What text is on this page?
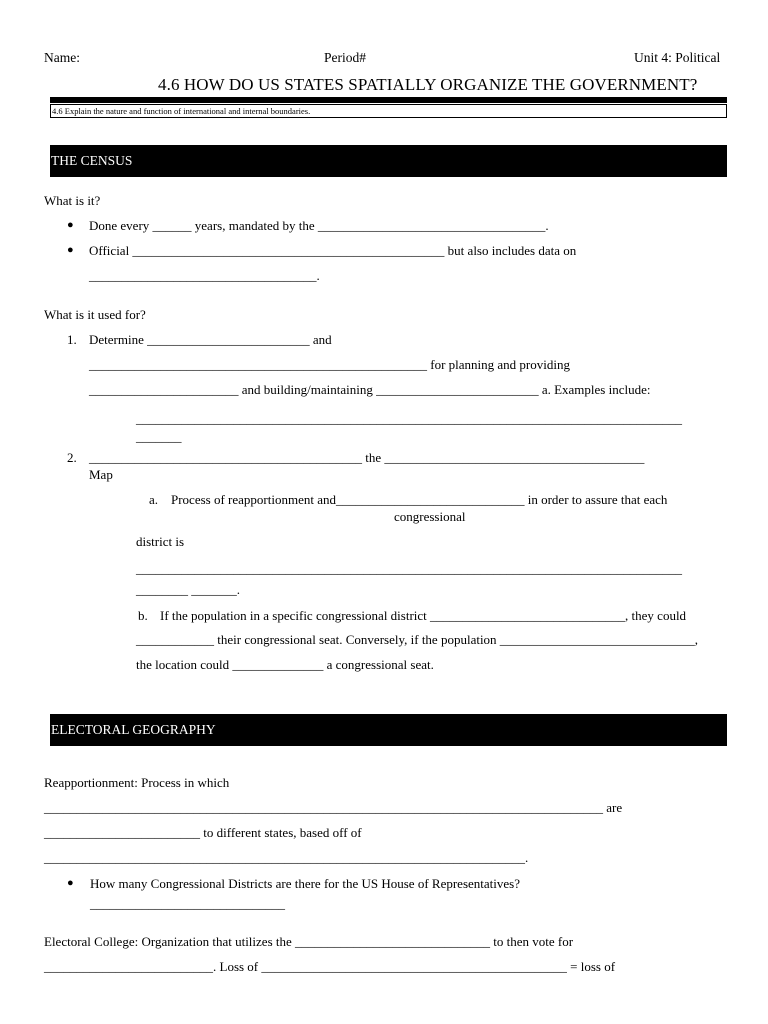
Name:	Period#	Unit 4: Political
4.6 HOW DO US STATES SPATIALLY ORGANIZE THE GOVERNMENT?
4.6 Explain the nature and function of international and internal boundaries.
THE CENSUS
What is it?
● Done every ______ years, mandated by the ___________________________________.
● Official ________________________________________________ but also includes data on
___________________________________.
What is it used for?
1. Determine _________________________ and
____________________________________________________ for planning and providing
_______________________ and building/maintaining _________________________ a. Examples include:
____________________________________________________________________________________
_______
2. __________________________________________ the ________________________________________
Map
a. Process of reapportionment and_____________________________ in order to assure that each
congressional
district is
____________________________________________________________________________________
________ _______.
b. If the population in a specific congressional district ______________________________, they could
____________ their congressional seat. Conversely, if the population ______________________________,
the location could ______________ a congressional seat.
ELECTORAL GEOGRAPHY
Reapportionment: Process in which
______________________________________________________________________________________ are
________________________ to different states, based off of
__________________________________________________________________________.
● How many Congressional Districts are there for the US House of Representatives?
______________________________
Electoral College: Organization that utilizes the ______________________________ to then vote for
__________________________. Loss of _______________________________________________ = loss of
